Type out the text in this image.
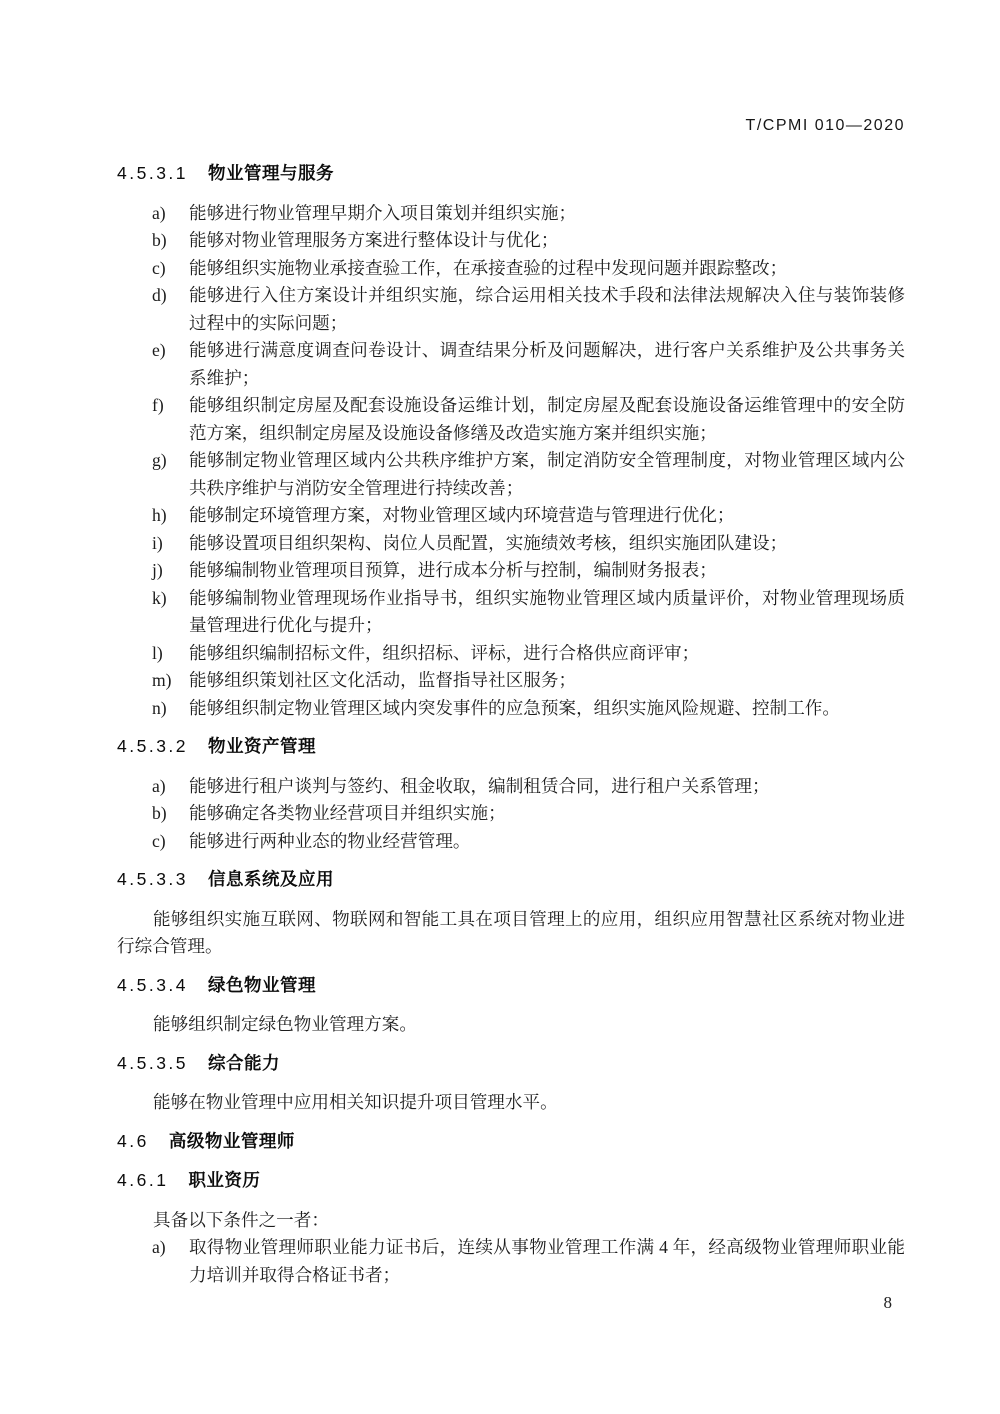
T/CPMI 010—2020
4.5.3.1 物业管理与服务
a)	能够进行物业管理早期介入项目策划并组织实施；
b)	能够对物业管理服务方案进行整体设计与优化；
c)	能够组织实施物业承接查验工作，在承接查验的过程中发现问题并跟踪整改；
d)	能够进行入住方案设计并组织实施，综合运用相关技术手段和法律法规解决入住与装饰装修过程中的实际问题；
e)	能够进行满意度调查问卷设计、调查结果分析及问题解决，进行客户关系维护及公共事务关系维护；
f)	能够组织制定房屋及配套设施设备运维计划，制定房屋及配套设施设备运维管理中的安全防范方案，组织制定房屋及设施设备修缮及改造实施方案并组织实施；
g)	能够制定物业管理区域内公共秩序维护方案，制定消防安全管理制度，对物业管理区域内公共秩序维护与消防安全管理进行持续改善；
h)	能够制定环境管理方案，对物业管理区域内环境营造与管理进行优化；
i)	能够设置项目组织架构、岗位人员配置，实施绩效考核，组织实施团队建设；
j)	能够编制物业管理项目预算，进行成本分析与控制，编制财务报表；
k)	能够编制物业管理现场作业指导书，组织实施物业管理区域内质量评价，对物业管理现场质量管理进行优化与提升；
l)	能够组织编制招标文件，组织招标、评标，进行合格供应商评审；
m) 能够组织策划社区文化活动，监督指导社区服务；
n)	能够组织制定物业管理区域内突发事件的应急预案，组织实施风险规避、控制工作。
4.5.3.2 物业资产管理
a)	能够进行租户谈判与签约、租金收取，编制租赁合同，进行租户关系管理；
b)	能够确定各类物业经营项目并组织实施；
c)	能够进行两种业态的物业经营管理。
4.5.3.3 信息系统及应用

能够组织实施互联网、物联网和智能工具在项目管理上的应用，组织应用智慧社区系统对物业进行综合管理。

4.5.3.4 绿色物业管理

能够组织制定绿色物业管理方案。

4.5.3.5 综合能力

能够在物业管理中应用相关知识提升项目管理水平。

4.6 高级物业管理师
4.6.1 职业资历

具备以下条件之一者：

a)	取得物业管理师职业能力证书后，连续从事物业管理工作满 4 年，经高级物业管理师职业能力培训并取得合格证书者；
8
